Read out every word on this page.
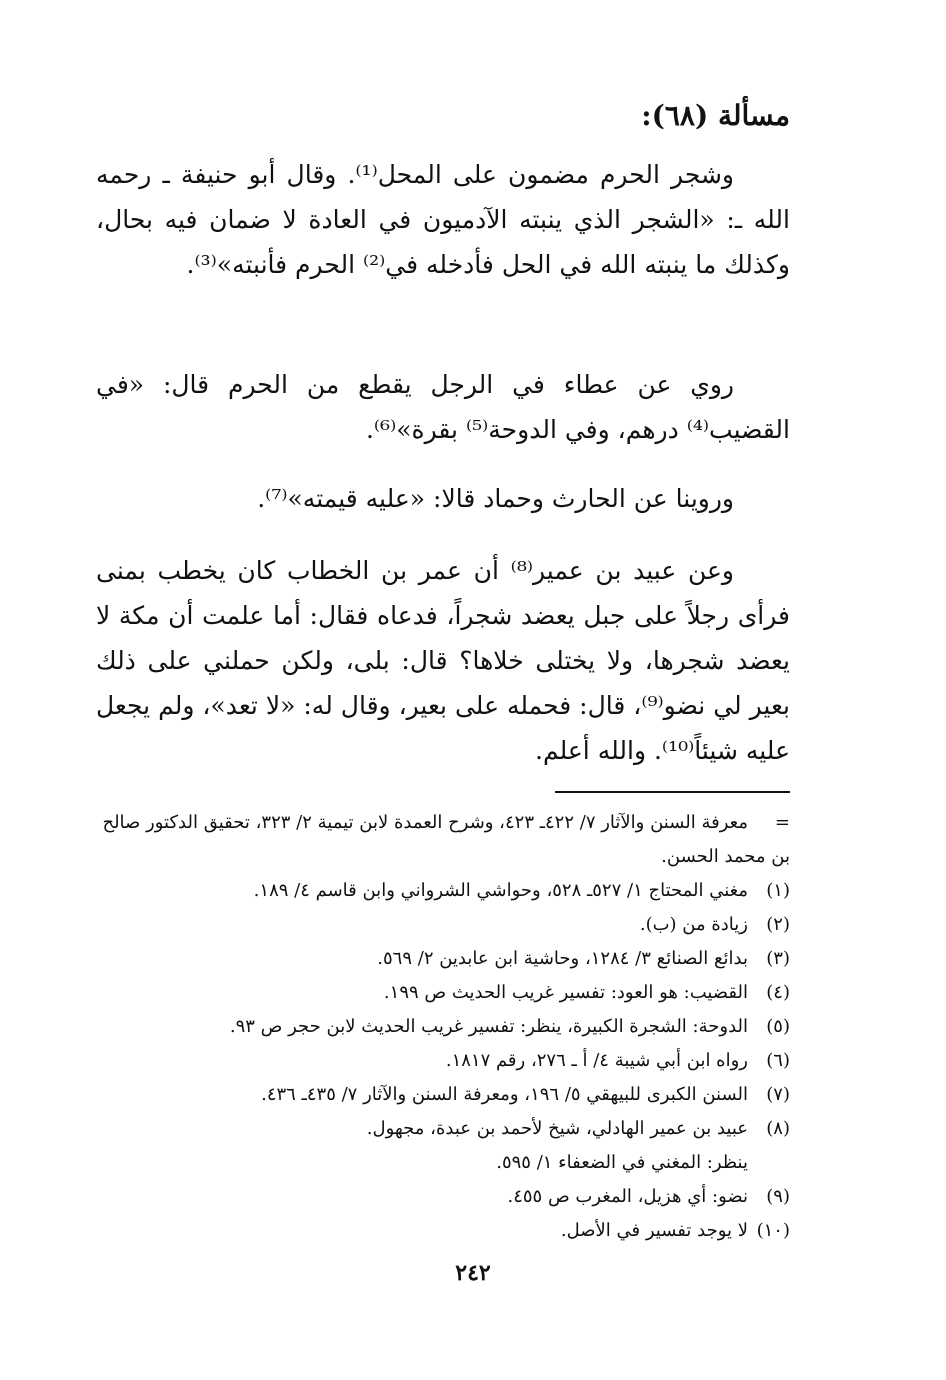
مسألة (٦٨):
وشجر الحرم مضمون على المحل⁽¹⁾. وقال أبو حنيفة ـ رحمه الله ـ: «الشجر الذي ينبته الآدميون في العادة لا ضمان فيه بحال، وكذلك ما ينبته الله في الحل فأدخله في⁽²⁾ الحرم فأنبته»⁽³⁾.
روي عن عطاء في الرجل يقطع من الحرم قال: «في القضيب⁽⁴⁾ درهم، وفي الدوحة⁽⁵⁾ بقرة»⁽⁶⁾.
وروينا عن الحارث وحماد قالا: «عليه قيمته»⁽⁷⁾.
وعن عبيد بن عمير⁽⁸⁾ أن عمر بن الخطاب كان يخطب بمنى فرأى رجلاً على جبل يعضد شجراً، فدعاه فقال: أما علمت أن مكة لا يعضد شجرها، ولا يختلى خلاها؟ قال: بلى، ولكن حملني على ذلك بعير لي نضو⁽⁹⁾، قال: فحمله على بعير، وقال له: «لا تعد»، ولم يجعل عليه شيئاً⁽¹⁰⁾. والله أعلم.
=معرفة السنن والآثار ٧/ ٤٢٢ـ ٤٢٣، وشرح العمدة لابن تيمية ٢/ ٣٢٣، تحقيق الدكتور صالح بن محمد الحسن.
(١)مغني المحتاج ١/ ٥٢٧ـ ٥٢٨، وحواشي الشرواني وابن قاسم ٤/ ١٨٩.
(٢)زيادة من (ب).
(٣)بدائع الصنائع ٣/ ١٢٨٤، وحاشية ابن عابدين ٢/ ٥٦٩.
(٤)القضيب: هو العود: تفسير غريب الحديث ص ١٩٩.
(٥)الدوحة: الشجرة الكبيرة، ينظر: تفسير غريب الحديث لابن حجر ص ٩٣.
(٦)رواه ابن أبي شيبة ٤/ أ ـ ٢٧٦، رقم ١٨١٧.
(٧)السنن الكبرى للبيهقي ٥/ ١٩٦، ومعرفة السنن والآثار ٧/ ٤٣٥ـ ٤٣٦.
(٨)عبيد بن عمير الهادلي، شيخ لأحمد بن عبدة، مجهول.
ينظر: المغني في الضعفاء ١/ ٥٩٥.
(٩)نضو: أي هزيل، المغرب ص ٤٥٥.
(١٠)لا يوجد تفسير في الأصل.
٢٤٢
